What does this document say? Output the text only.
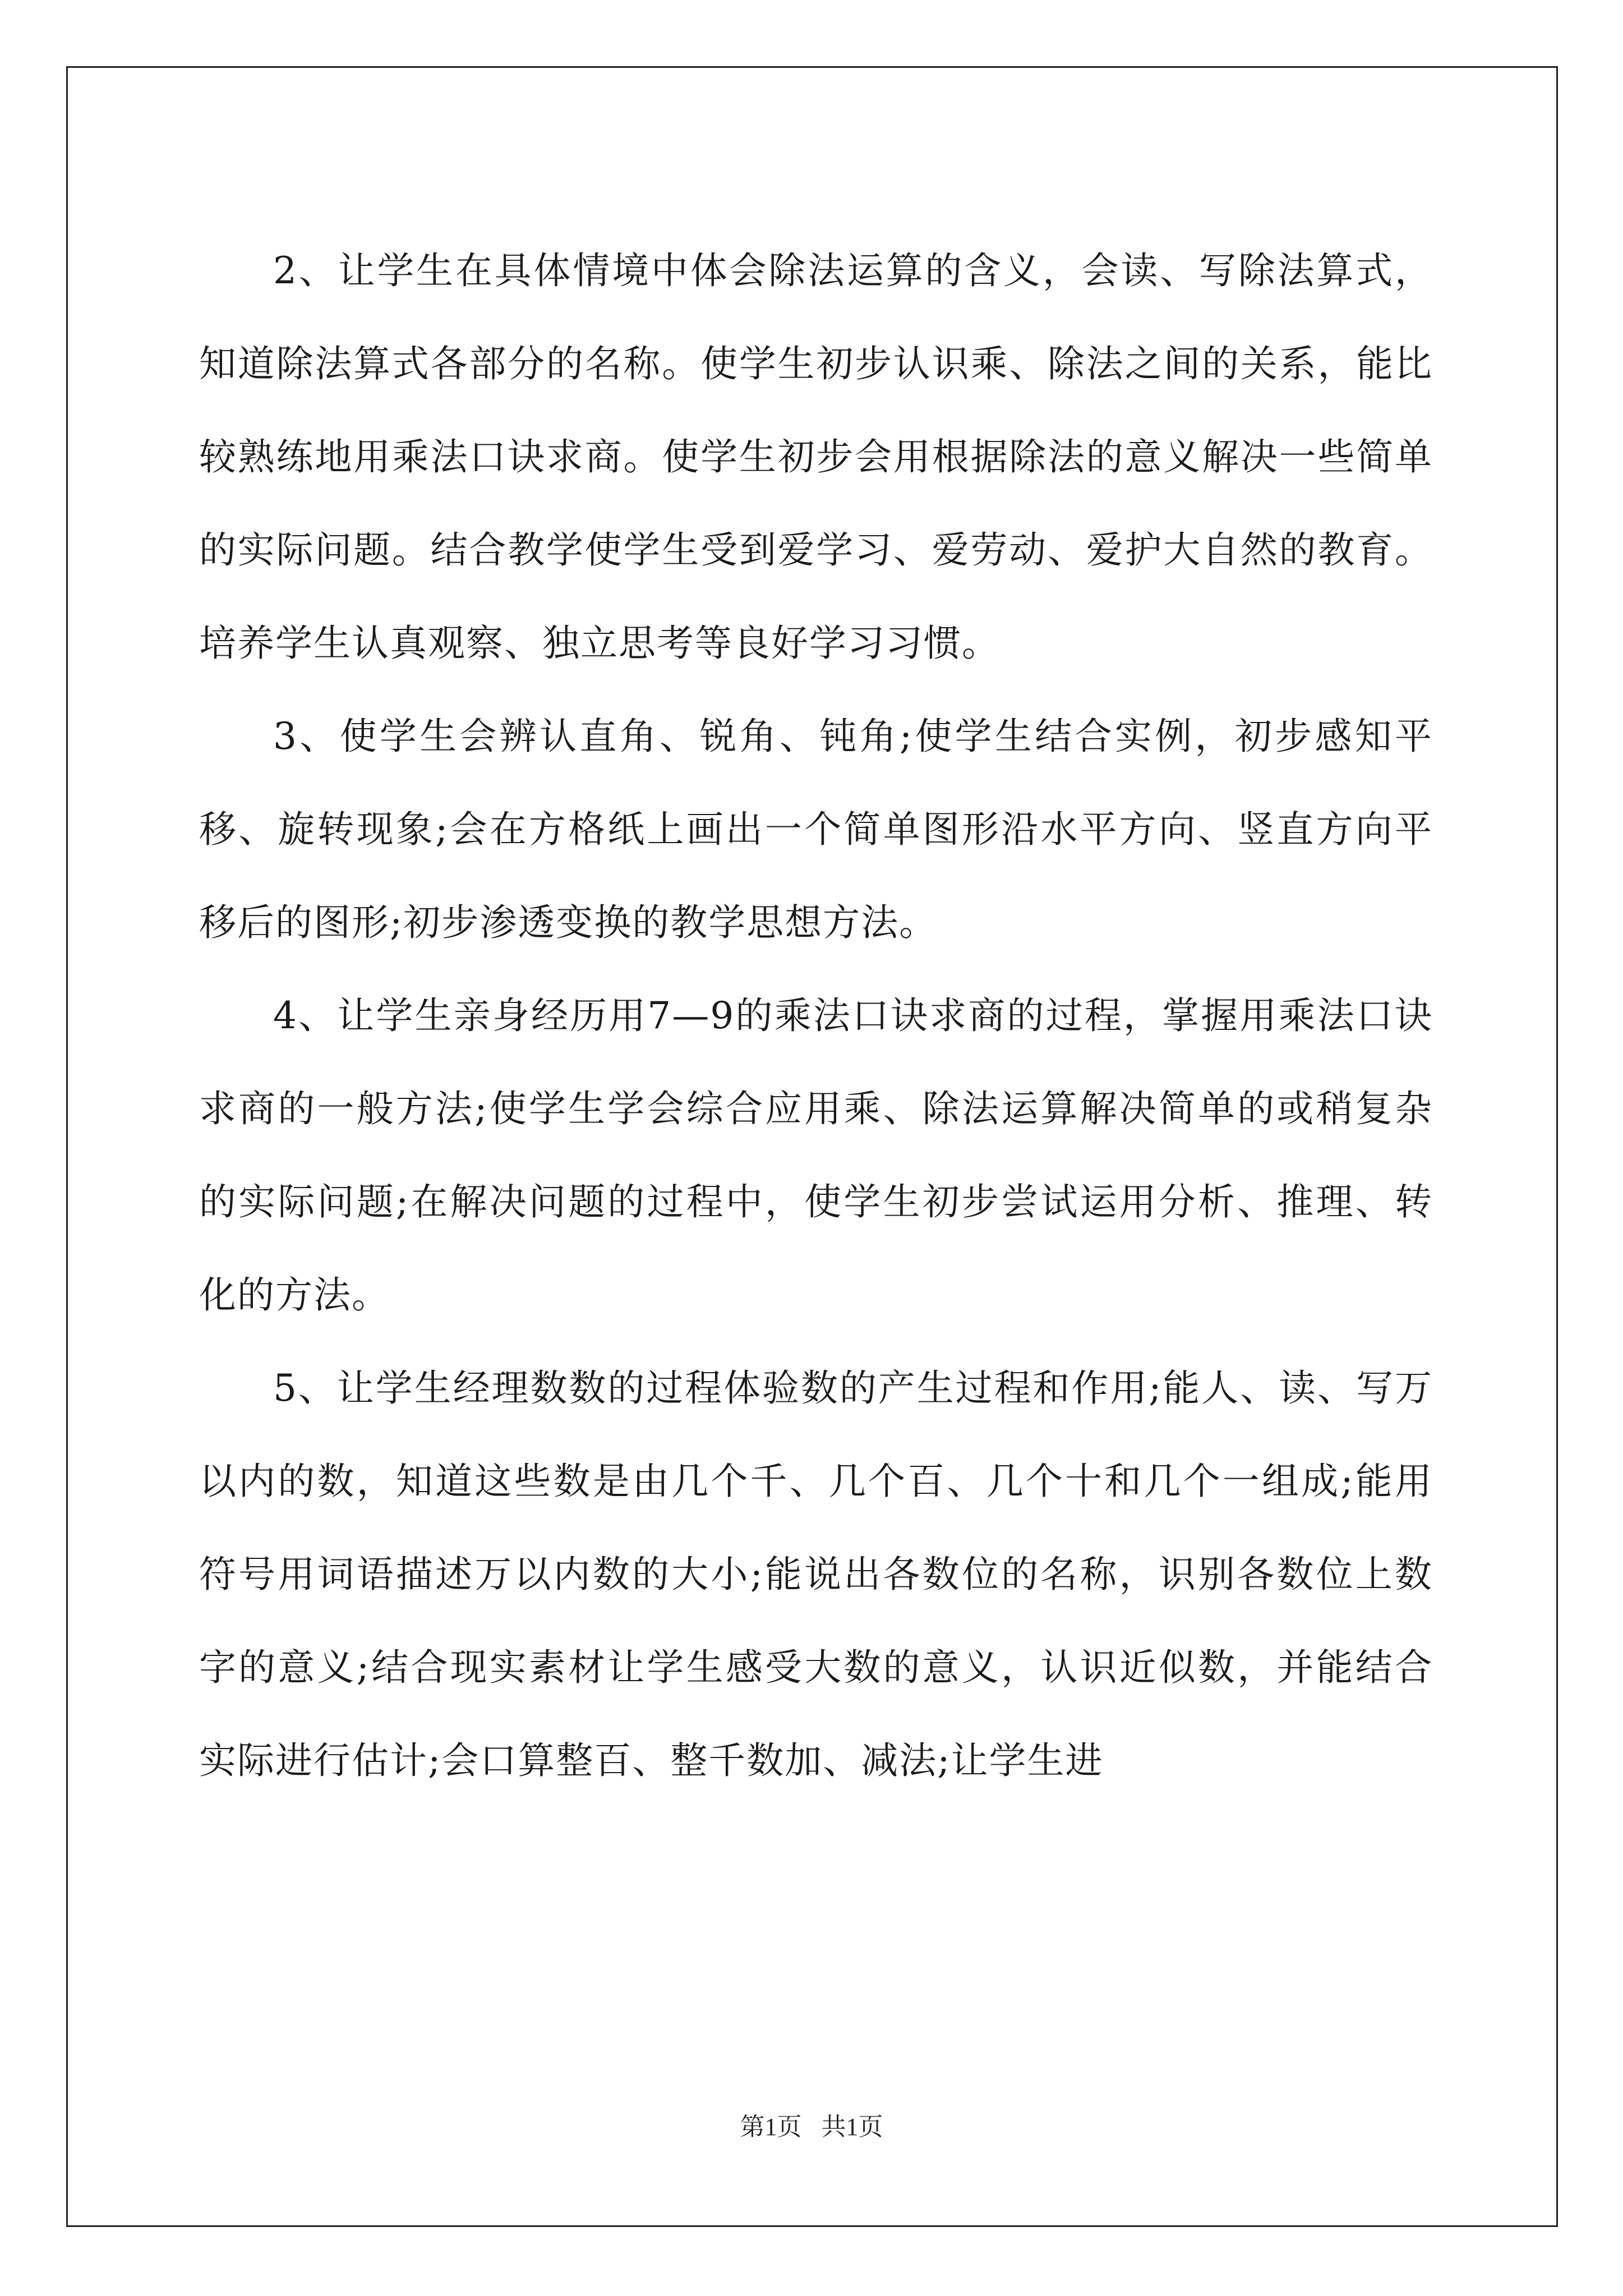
2、让学生在具体情境中体会除法运算的含义，会读、写除法算式，知道除法算式各部分的名称。使学生初步认识乘、除法之间的关系，能比较熟练地用乘法口诀求商。使学生初步会用根据除法的意义解决一些简单的实际问题。结合教学使学生受到爱学习、爱劳动、爱护大自然的教育。培养学生认真观察、独立思考等良好学习习惯。

3、使学生会辨认直角、锐角、钝角;使学生结合实例，初步感知平移、旋转现象;会在方格纸上画出一个简单图形沿水平方向、竖直方向平移后的图形;初步渗透变换的教学思想方法。

4、让学生亲身经历用7—9的乘法口诀求商的过程，掌握用乘法口诀求商的一般方法;使学生学会综合应用乘、除法运算解决简单的或稍复杂的实际问题;在解决问题的过程中，使学生初步尝试运用分析、推理、转化的方法。

5、让学生经理数数的过程体验数的产生过程和作用;能人、读、写万以内的数，知道这些数是由几个千、几个百、几个十和几个一组成;能用符号用词语描述万以内数的大小;能说出各数位的名称，识别各数位上数字的意义;结合现实素材让学生感受大数的意义，认识近似数，并能结合实际进行估计;会口算整百、整千数加、减法;让学生进

第1页 共1页
